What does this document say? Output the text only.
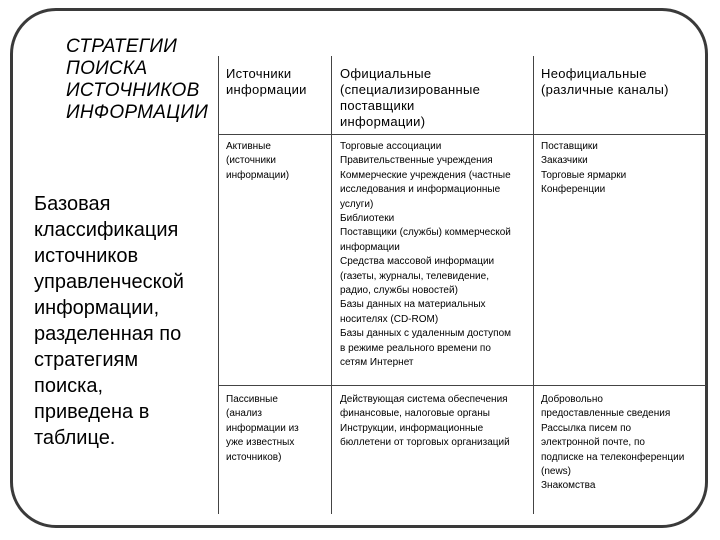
СТРАТЕГИИ
ПОИСКА
ИСТОЧНИКОВ
ИНФОРМАЦИИ
Базовая
классификация
источников
управленческой
информации,
разделенная по
стратегиям
поиска,
приведена в
таблице.
Источники
информации
Официальные
(специализированные
поставщики
информации)
Неофициальные
(различные каналы)
Активные
(источники
информации)
Торговые ассоциации
Правительственные учреждения
Коммерческие учреждения (частные
исследования и информационные
услуги)
Библиотеки
Поставщики (службы) коммерческой
информации
Средства массовой информации
(газеты, журналы, телевидение,
радио, службы новостей)
Базы данных на материальных
носителях (CD-ROM)
Базы данных с удаленным доступом
в режиме реального времени по
сетям Интернет
Поставщики
Заказчики
Торговые ярмарки
Конференции
Пассивные
(анализ
информации из
уже известных
источников)
Действующая система обеспечения
финансовые, налоговые органы
Инструкции, информационные
бюллетени от торговых организаций
Добровольно
предоставленные сведения
Рассылка писем по
электронной почте, по
подписке на телеконференции
(news)
Знакомства
